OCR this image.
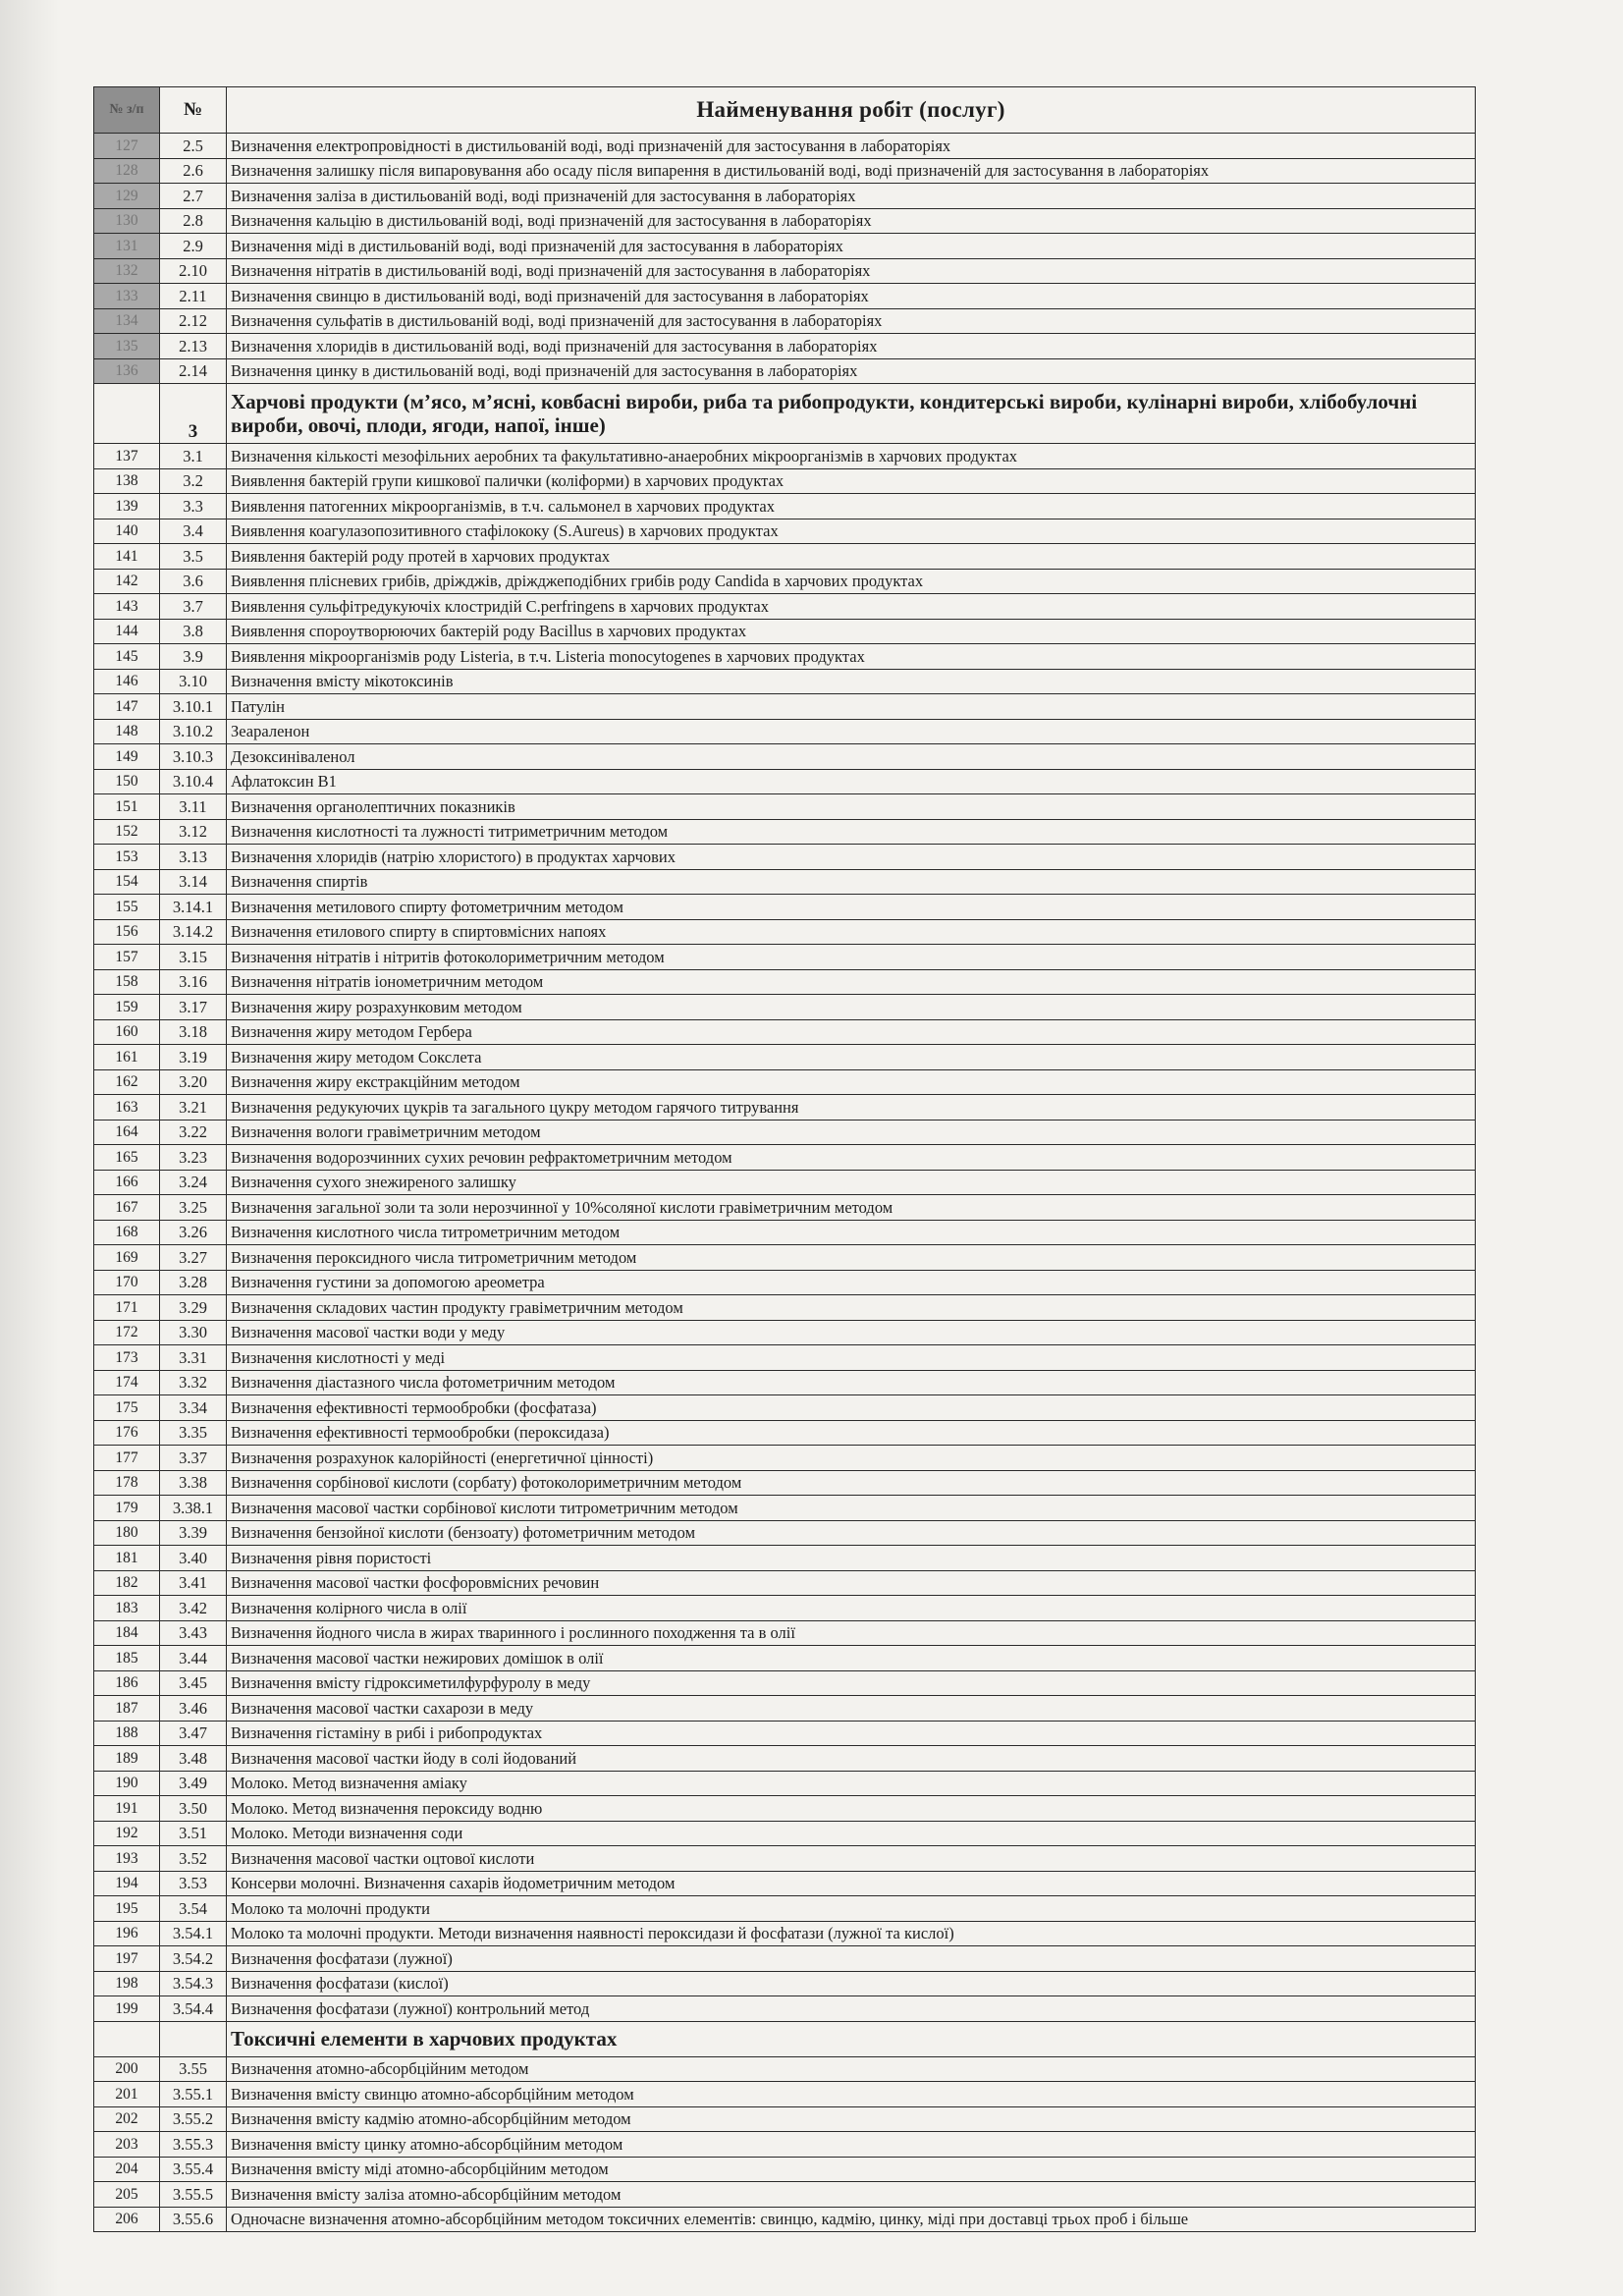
№ з/п	№	Найменування робіт (послуг)
127	2.5	Визначення електропровідності в дистильованій воді, воді призначеній для застосування в лабораторіях
128	2.6	Визначення залишку після випаровування або осаду після випарення в дистильованій воді, воді призначеній для застосування в лабораторіях
129	2.7	Визначення заліза в дистильованій воді, воді призначеній для застосування в лабораторіях
130	2.8	Визначення кальцію в дистильованій воді, воді призначеній для застосування в лабораторіях
131	2.9	Визначення міді в дистильованій воді, воді призначеній для застосування в лабораторіях
132	2.10	Визначення нітратів в дистильованій воді, воді призначеній для застосування в лабораторіях
133	2.11	Визначення свинцю в дистильованій воді, воді призначеній для застосування в лабораторіях
134	2.12	Визначення сульфатів в дистильованій воді, воді призначеній для застосування в лабораторіях
135	2.13	Визначення хлоридів в дистильованій воді, воді призначеній для застосування в лабораторіях
136	2.14	Визначення цинку в дистильованій воді, воді призначеній для застосування в лабораторіях
	3	Харчові продукти (м’ясо, м’ясні, ковбасні вироби, риба та рибопродукти, кондитерські вироби, кулінарні вироби, хлібобулочні вироби, овочі, плоди, ягоди, напої, інше)
137	3.1	Визначення кількості мезофільних аеробних та факультативно-анаеробних мікроорганізмів в харчових продуктах
138	3.2	Виявлення бактерій групи кишкової палички (коліформи) в харчових продуктах
139	3.3	Виявлення патогенних мікроорганізмів, в т.ч. сальмонел в харчових продуктах
140	3.4	Виявлення коагулазопозитивного стафілококу (S.Aureus) в харчових продуктах
141	3.5	Виявлення бактерій роду протей в харчових продуктах
142	3.6	Виявлення плісневих грибів, дріжджів, дріжджеподібних грибів роду Candida в харчових продуктах
143	3.7	Виявлення сульфітредукуючіх клостридій C.perfringens в харчових продуктах
144	3.8	Виявлення спороутворюючих бактерій роду Bacillus в харчових продуктах
145	3.9	Виявлення мікроорганізмів роду Listeria, в т.ч. Listeria monocytogenes в харчових продуктах
146	3.10	Визначення вмісту мікотоксинів
147	3.10.1	Патулін
148	3.10.2	Зеараленон
149	3.10.3	Дезоксиніваленол
150	3.10.4	Афлатоксин В1
151	3.11	Визначення органолептичних показників
152	3.12	Визначення кислотності та лужності титриметричним методом
153	3.13	Визначення хлоридів (натрію хлористого) в продуктах харчових
154	3.14	Визначення спиртів
155	3.14.1	Визначення метилового спирту фотометричним методом
156	3.14.2	Визначення етилового спирту в спиртовмісних напоях
157	3.15	Визначення нітратів і нітритів фотоколориметричним методом
158	3.16	Визначення нітратів іонометричним методом
159	3.17	Визначення жиру розрахунковим методом
160	3.18	Визначення жиру методом Гербера
161	3.19	Визначення жиру методом Сокслета
162	3.20	Визначення жиру екстракційним методом
163	3.21	Визначення редукуючих цукрів та загального цукру методом гарячого титрування
164	3.22	Визначення вологи гравіметричним методом
165	3.23	Визначення водорозчинних сухих речовин рефрактометричним методом
166	3.24	Визначення сухого знежиреного залишку
167	3.25	Визначення загальної золи та золи нерозчинної у 10%соляної кислоти гравіметричним методом
168	3.26	Визначення кислотного числа титрометричним методом
169	3.27	Визначення пероксидного числа титрометричним методом
170	3.28	Визначення густини за допомогою ареометра
171	3.29	Визначення складових частин продукту гравіметричним методом
172	3.30	Визначення масової частки води у меду
173	3.31	Визначення кислотності у меді
174	3.32	Визначення діастазного числа фотометричним методом
175	3.34	Визначення ефективності термообробки (фосфатаза)
176	3.35	Визначення ефективності термообробки (пероксидаза)
177	3.37	Визначення розрахунок калорійності (енергетичної цінності)
178	3.38	Визначення сорбінової кислоти (сорбату) фотоколориметричним методом
179	3.38.1	Визначення масової частки сорбінової кислоти титрометричним методом
180	3.39	Визначення бензойної кислоти (бензоату) фотометричним методом
181	3.40	Визначення рівня пористості
182	3.41	Визначення масової частки фосфоровмісних речовин
183	3.42	Визначення колірного числа в олії
184	3.43	Визначення йодного числа в жирах тваринного і рослинного походження та в олії
185	3.44	Визначення масової частки нежирових домішок в олії
186	3.45	Визначення вмісту гідроксиметилфурфуролу в меду
187	3.46	Визначення масової частки сахарози в меду
188	3.47	Визначення гістаміну в рибі і рибопродуктах
189	3.48	Визначення масової частки йоду в солі йодований
190	3.49	Молоко. Метод визначення аміаку
191	3.50	Молоко. Метод визначення пероксиду водню
192	3.51	Молоко. Методи визначення соди
193	3.52	Визначення масової частки оцтової кислоти
194	3.53	Консерви молочні. Визначення сахарів йодометричним методом
195	3.54	Молоко та молочні продукти
196	3.54.1	Молоко та молочні продукти. Методи визначення наявності пероксидази й фосфатази (лужної та кислої)
197	3.54.2	Визначення фосфатази (лужної)
198	3.54.3	Визначення фосфатази (кислої)
199	3.54.4	Визначення фосфатази (лужної) контрольний метод
		Токсичні елементи в харчових продуктах
200	3.55	Визначення атомно-абсорбційним методом
201	3.55.1	Визначення вмісту свинцю атомно-абсорбційним методом
202	3.55.2	Визначення вмісту кадмію атомно-абсорбційним методом
203	3.55.3	Визначення вмісту цинку атомно-абсорбційним методом
204	3.55.4	Визначення вмісту міді атомно-абсорбційним методом
205	3.55.5	Визначення вмісту заліза атомно-абсорбційним методом
206	3.55.6	Одночасне визначення атомно-абсорбційним методом токсичних елементів: свинцю, кадмію, цинку, міді при доставці трьох проб і більше
